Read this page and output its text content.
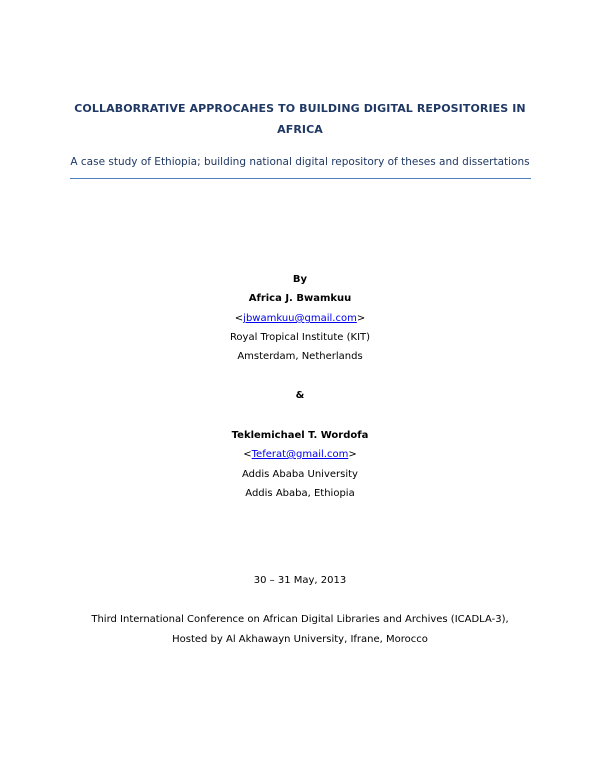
COLLABORRATIVE APPROCAHES TO BUILDING DIGITAL REPOSITORIES IN AFRICA
A case study of Ethiopia; building national digital repository of theses and dissertations
By
Africa J. Bwamkuu
<jbwamkuu@gmail.com>
Royal Tropical Institute (KIT)
Amsterdam, Netherlands
&
Teklemichael T. Wordofa
<Teferat@gmail.com>
Addis Ababa University
Addis Ababa, Ethiopia
30 – 31 May, 2013
Third International Conference on African Digital Libraries and Archives (ICADLA-3),
Hosted by Al Akhawayn University, Ifrane, Morocco
